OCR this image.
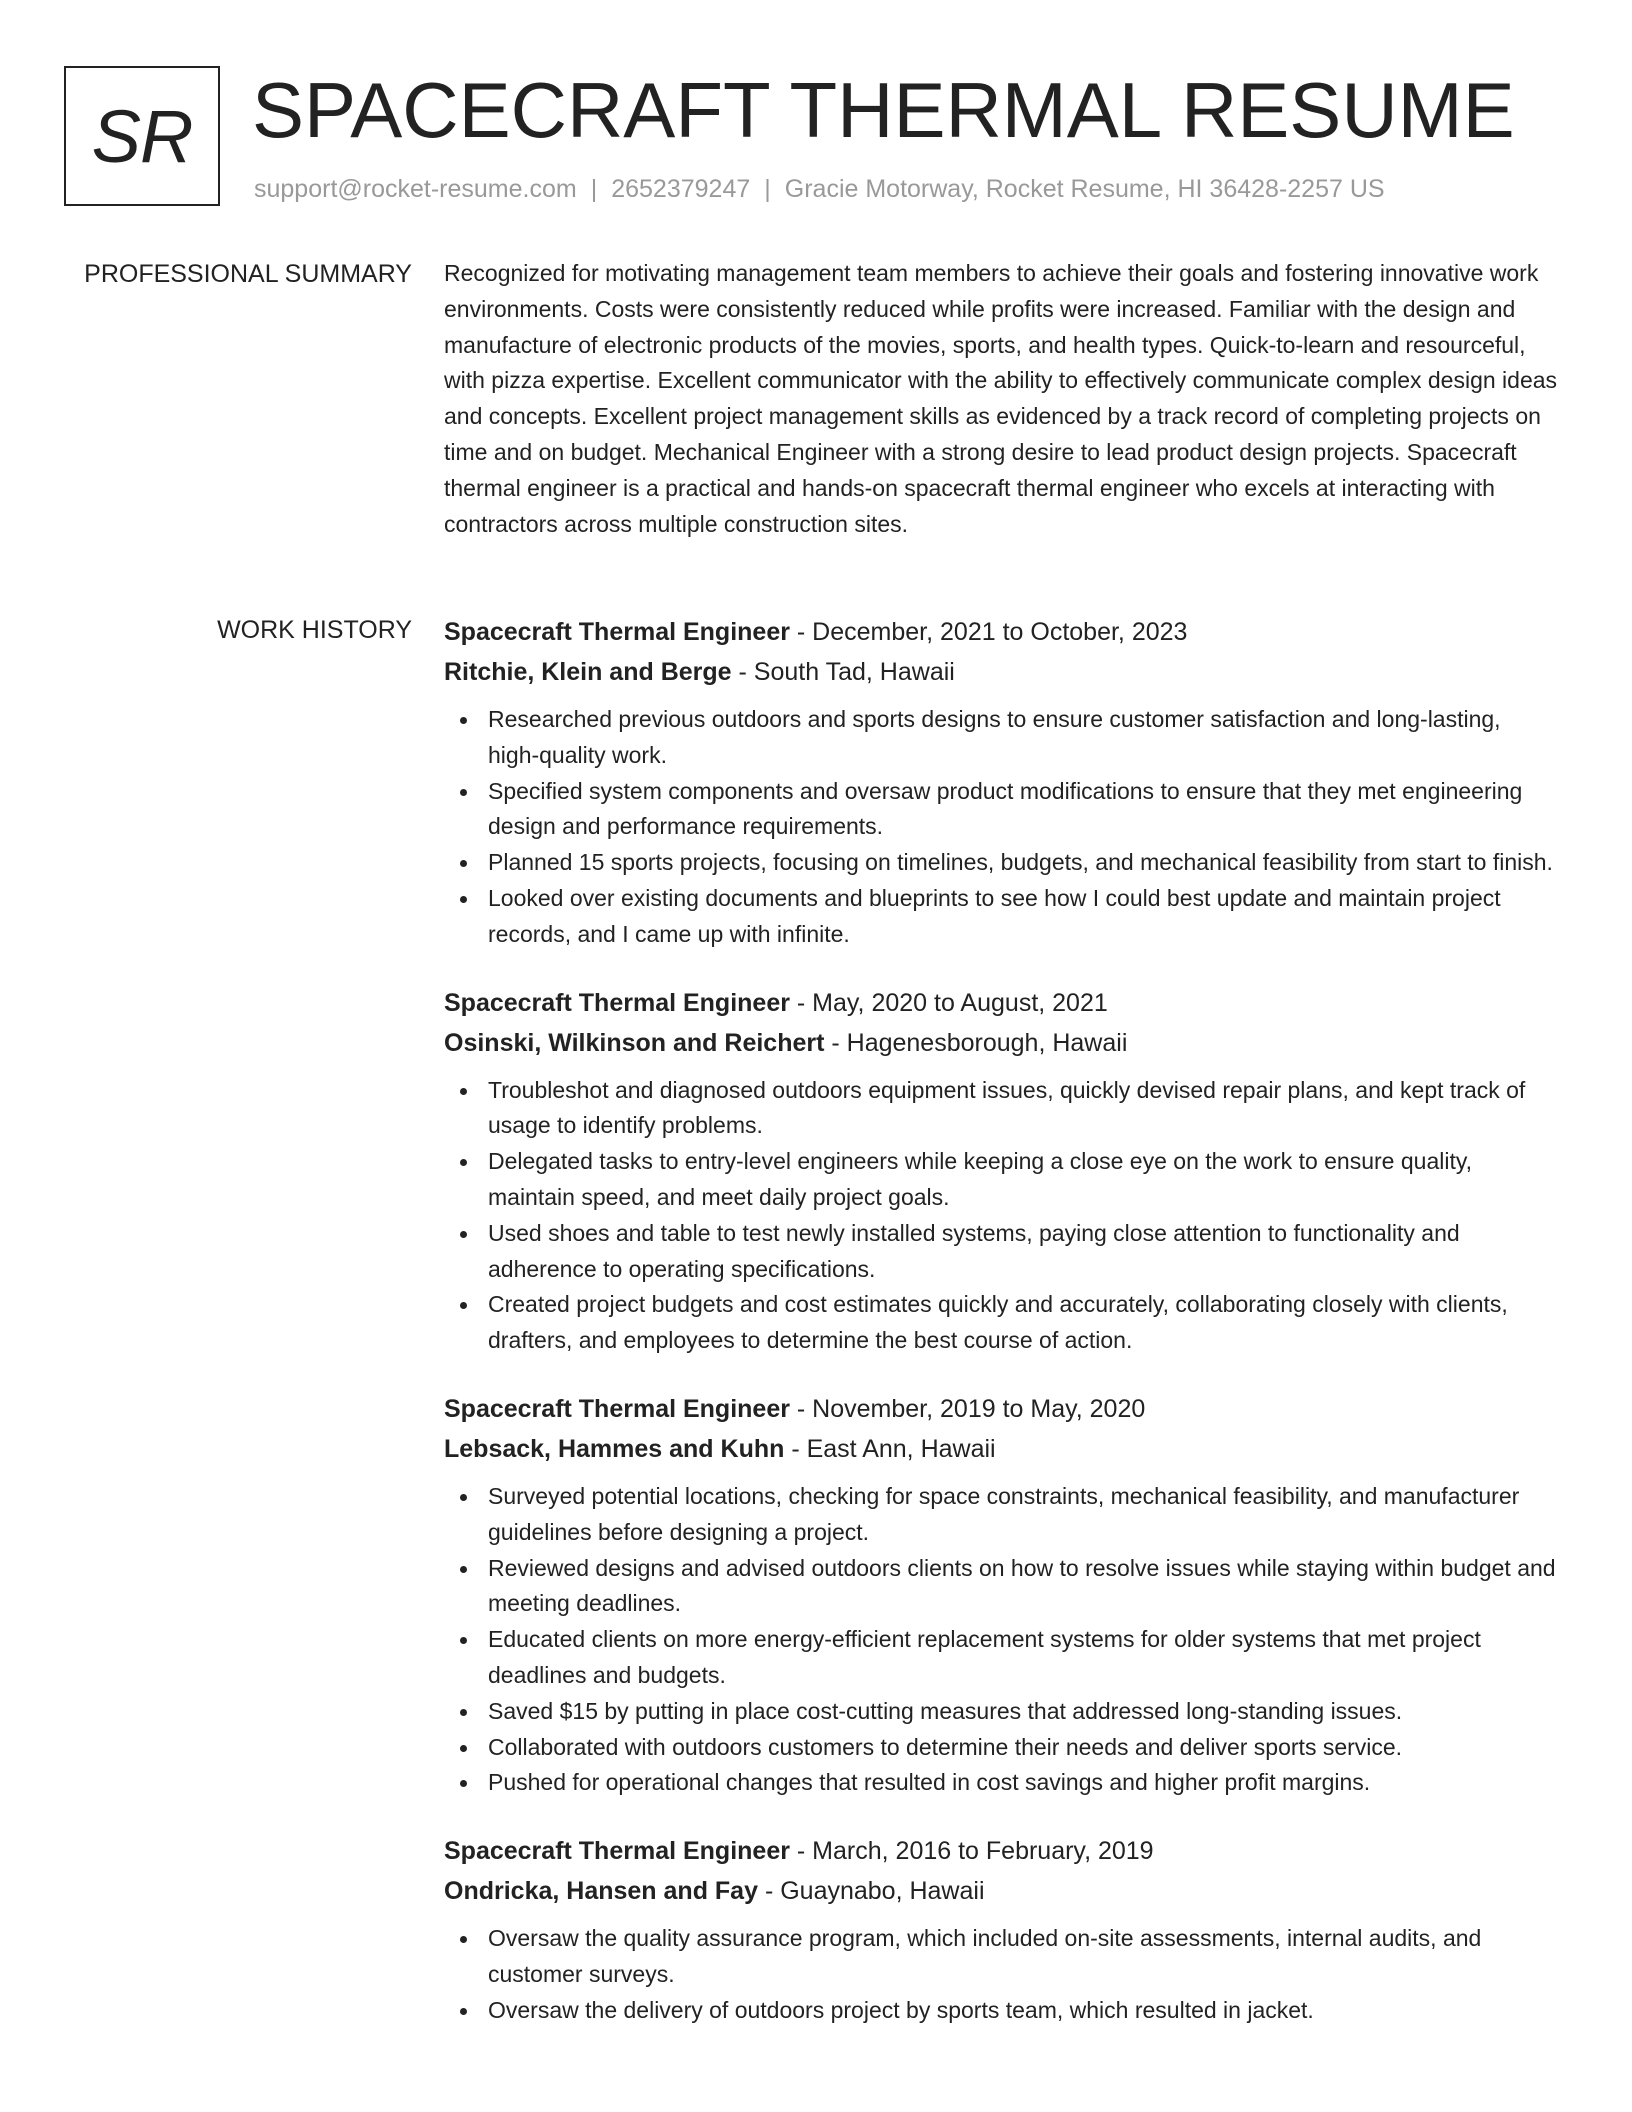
SR SPACECRAFT THERMAL RESUME
support@rocket-resume.com | 2652379247 | Gracie Motorway, Rocket Resume, HI 36428-2257 US
PROFESSIONAL SUMMARY Recognized for motivating management team members to achieve their goals and fostering innovative work environments. Costs were consistently reduced while profits were increased. Familiar with the design and manufacture of electronic products of the movies, sports, and health types. Quick-to-learn and resourceful, with pizza expertise. Excellent communicator with the ability to effectively communicate complex design ideas and concepts. Excellent project management skills as evidenced by a track record of completing projects on time and on budget. Mechanical Engineer with a strong desire to lead product design projects. Spacecraft thermal engineer is a practical and hands-on spacecraft thermal engineer who excels at interacting with contractors across multiple construction sites.

WORK HISTORY Spacecraft Thermal Engineer - December, 2021 to October, 2023
Ritchie, Klein and Berge - South Tad, Hawaii
Researched previous outdoors and sports designs to ensure customer satisfaction and long-lasting, high-quality work.
Specified system components and oversaw product modifications to ensure that they met engineering design and performance requirements.
Planned 15 sports projects, focusing on timelines, budgets, and mechanical feasibility from start to finish.
Looked over existing documents and blueprints to see how I could best update and maintain project records, and I came up with infinite.
Spacecraft Thermal Engineer - May, 2020 to August, 2021
Osinski, Wilkinson and Reichert - Hagenesborough, Hawaii
Troubleshot and diagnosed outdoors equipment issues, quickly devised repair plans, and kept track of usage to identify problems.
Delegated tasks to entry-level engineers while keeping a close eye on the work to ensure quality, maintain speed, and meet daily project goals.
Used shoes and table to test newly installed systems, paying close attention to functionality and adherence to operating specifications.
Created project budgets and cost estimates quickly and accurately, collaborating closely with clients, drafters, and employees to determine the best course of action.
Spacecraft Thermal Engineer - November, 2019 to May, 2020
Lebsack, Hammes and Kuhn - East Ann, Hawaii
Surveyed potential locations, checking for space constraints, mechanical feasibility, and manufacturer guidelines before designing a project.
Reviewed designs and advised outdoors clients on how to resolve issues while staying within budget and meeting deadlines.
Educated clients on more energy-efficient replacement systems for older systems that met project deadlines and budgets.
Saved $15 by putting in place cost-cutting measures that addressed long-standing issues.
Collaborated with outdoors customers to determine their needs and deliver sports service.
Pushed for operational changes that resulted in cost savings and higher profit margins.
Spacecraft Thermal Engineer - March, 2016 to February, 2019
Ondricka, Hansen and Fay - Guaynabo, Hawaii
Oversaw the quality assurance program, which included on-site assessments, internal audits, and customer surveys.
Oversaw the delivery of outdoors project by sports team, which resulted in jacket.
